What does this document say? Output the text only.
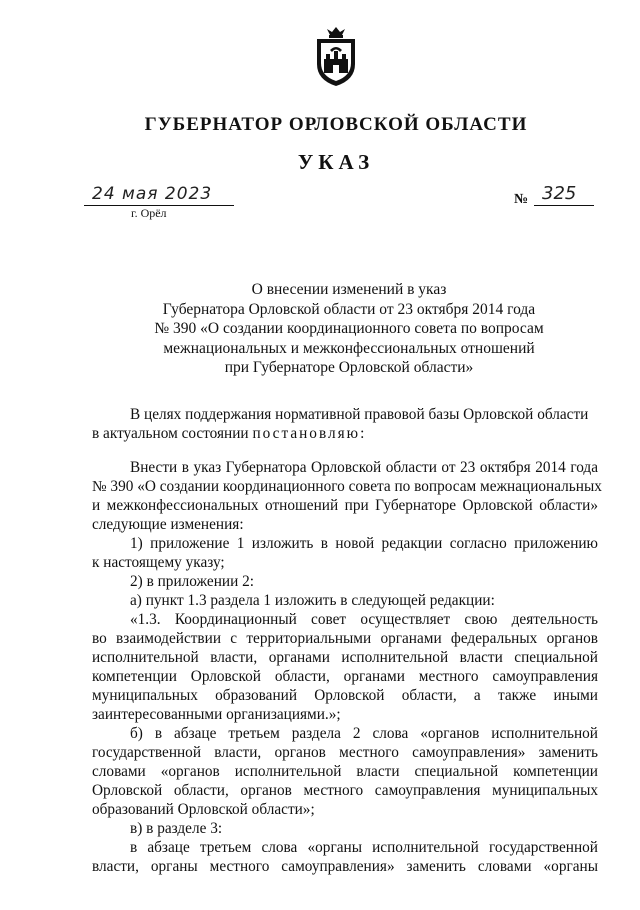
ГУБЕРНАТОР ОРЛОВСКОЙ ОБЛАСТИ
УКАЗ
24 мая 2023
г. Орёл
№ 325
О внесении изменений в указ
Губернатора Орловской области от 23 октября 2014 года
№ 390 «О создании координационного совета по вопросам
межнациональных и межконфессиональных отношений
при Губернаторе Орловской области»
В целях поддержания нормативной правовой базы Орловской области
в актуальном состоянии постановляю:
Внести в указ Губернатора Орловской области от 23 октября 2014 года
№ 390 «О создании координационного совета по вопросам межнациональных
и межконфессиональных отношений при Губернаторе Орловской области»
следующие изменения:
1) приложение 1 изложить в новой редакции согласно приложению
к настоящему указу;
2) в приложении 2:
а) пункт 1.3 раздела 1 изложить в следующей редакции:
«1.3. Координационный совет осуществляет свою деятельность
во взаимодействии с территориальными органами федеральных органов
исполнительной власти, органами исполнительной власти специальной
компетенции Орловской области, органами местного самоуправления
муниципальных образований Орловской области, а также иными
заинтересованными организациями.»;
б) в абзаце третьем раздела 2 слова «органов исполнительной
государственной власти, органов местного самоуправления» заменить
словами «органов исполнительной власти специальной компетенции
Орловской области, органов местного самоуправления муниципальных
образований Орловской области»;
в) в разделе 3:
в абзаце третьем слова «органы исполнительной государственной
власти, органы местного самоуправления» заменить словами «органы
